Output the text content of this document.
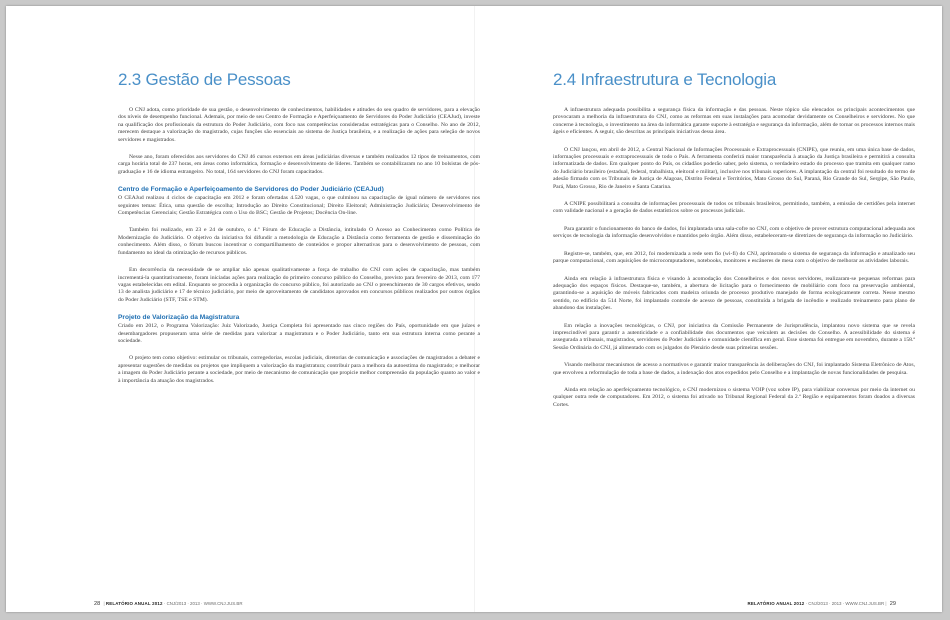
2.3 Gestão de Pessoas

O CNJ adota, como prioridade de sua gestão, o desenvolvimento de conhecimentos, habilidades e atitudes do seu quadro de servidores, para a elevação dos níveis de desempenho funcional. Ademais, por meio de seu Centro de Formação e Aperfeiçoamento de Servidores do Poder Judiciário (CEAJud), investe na qualificação dos profissionais da estrutura do Poder Judiciário, com foco nas competências consideradas estratégicas para o Conselho. No ano de 2012, merecem destaque a valorização do magistrado, cujas funções são essenciais ao sistema de Justiça brasileira, e a realização de ações para seleção de novos servidores e magistrados.

Nesse ano, foram oferecidos aos servidores do CNJ 46 cursos externos em áreas judiciárias diversas e também realizados 12 tipos de treinamentos, com carga horária total de 237 horas, em áreas como informática, formação e desenvolvimento de líderes. Também se contabilizaram no ano 10 bolsistas de pós-graduação e 16 de idioma estrangeiro. No total, 164 servidores do CNJ foram capacitados.

Centro de Formação e Aperfeiçoamento de Servidores do Poder Judiciário (CEAJud)

O CEAJud realizou 4 ciclos de capacitação em 2012 e foram ofertadas 4.520 vagas, o que culminou na capacitação de igual número de servidores nos seguintes temas: Ética, uma questão de escolha; Introdução ao Direito Constitucional; Direito Eleitoral; Administração Judiciária; Desenvolvimento de Competências Gerenciais; Gestão Estratégica com o Uso do BSC; Gestão de Projetos; Docência On-line.

Também foi realizado, em 23 e 24 de outubro, o 4.º Fórum de Educação a Distância, intitulado O Acesso ao Conhecimento como Política de Modernização do Judiciário. O objetivo da iniciativa foi difundir a metodologia de Educação a Distância como ferramenta de gestão e disseminação do conhecimento. Além disso, o fórum buscou incentivar o compartilhamento de conteúdos e propor alternativas para o desenvolvimento de pessoas, com fundamento no ideal da otimização de recursos públicos.

Em decorrência da necessidade de se ampliar não apenas qualitativamente a força de trabalho do CNJ com ações de capacitação, mas também incrementá-la quantitativamente, foram iniciadas ações para realização do primeiro concurso público do Conselho, previsto para fevereiro de 2013, com 177 vagas estabelecidas em edital. Enquanto se procedia à organização do concurso público, foi autorizado ao CNJ o preenchimento de 30 cargos efetivos, sendo 13 de analista judiciário e 17 de técnico judiciário, por meio de aproveitamento de candidatos aprovados em concursos públicos realizados por outros órgãos do Poder Judiciário (STF, TSE e STM).

Projeto de Valorização da Magistratura

Criado em 2012, o Programa Valorização: Juiz Valorizado, Justiça Completa foi apresentado nas cinco regiões do País, oportunidade em que juízes e desembargadores propuseram uma série de medidas para valorizar a magistratura e o Poder Judiciário, tanto em sua estrutura interna como perante a sociedade.

O projeto tem como objetivo: estimular os tribunais, corregedorias, escolas judiciais, diretorias de comunicação e associações de magistrados a debater e apresentar sugestões de medidas ou projetos que impliquem a valorização da magistratura; contribuir para a melhora da autoestima do magistrado; e melhorar a imagem do Poder Judiciário perante a sociedade, por meio de mecanismo de comunicação que propicie melhor compreensão da população quanto ao valor e à importância da atuação dos magistrados.

28 | RELATÓRIO ANUAL 2012 · CNJ/2013 · 2013 · WWW.CNJ.JUS.BR
2.4 Infraestrutura e Tecnologia

A infraestrutura adequada possibilita a segurança física da informação e das pessoas. Neste tópico são elencados os principais acontecimentos que provocaram a melhoria da infraestrutura do CNJ, como as reformas em suas instalações para acomodar devidamente os Conselheiros e servidores. No que concerne à tecnologia, o investimento na área da informática garante suporte à estratégia e segurança da informação, além de tornar os processos internos mais ágeis e eficientes. A seguir, são descritas as principais iniciativas dessa área.

O CNJ lançou, em abril de 2012, a Central Nacional de Informações Processuais e Extraprocessuais (CNIPE), que reuniu, em uma única base de dados, informações processuais e extraprocessuais de todo o País. A ferramenta conferirá maior transparência à atuação da Justiça brasileira e permitirá a consulta informatizada de dados. Em qualquer ponto do País, os cidadãos poderão saber, pelo sistema, o verdadeiro estado do processo que tramita em qualquer ramo do Judiciário brasileiro (estadual, federal, trabalhista, eleitoral e militar), inclusive nos tribunais superiores. A implantação da central foi resultado do termo de adesão firmado com os Tribunais de Justiça de Alagoas, Distrito Federal e Territórios, Mato Grosso do Sul, Paraná, Rio Grande do Sul, Sergipe, São Paulo, Pará, Mato Grosso, Rio de Janeiro e Santa Catarina.

A CNIPE possibilitará a consulta de informações processuais de todos os tribunais brasileiros, permitindo, também, a emissão de certidões pela internet com validade nacional e a geração de dados estatísticos sobre os processos judiciais.

Para garantir o funcionamento do banco de dados, foi implantada uma sala-cofre no CNJ, com o objetivo de prover estrutura computacional adequada aos serviços de tecnologia da informação desenvolvidos e mantidos pelo órgão. Além disso, estabeleceram-se diretrizes de segurança da informação no Judiciário.

Registre-se, também, que, em 2012, foi modernizada a rede sem fio (wi-fi) do CNJ, aprimorado o sistema de segurança da informação e atualizado seu parque computacional, com aquisições de microcomputadores, notebooks, monitores e escâneres de mesa com o objetivo de melhorar as atividades laborais.

Ainda em relação à infraestrutura física e visando à acomodação dos Conselheiros e dos novos servidores, realizaram-se pequenas reformas para adequação dos espaços físicos. Destaque-se, também, a abertura de licitação para o fornecimento de mobiliário com foco na preservação ambiental, garantindo-se a aquisição de móveis fabricados com madeira oriunda de processo produtivo manejado de forma ecologicamente correta. Nesse mesmo sentido, no edifício da 514 Norte, foi implantado controle de acesso de pessoas, constituída a brigada de incêndio e realizado treinamento para plano de abandono das instalações.

Em relação a inovações tecnológicas, o CNJ, por iniciativa da Comissão Permanente de Jurisprudência, implantou novo sistema que se revela imprescindível para garantir a autenticidade e a confiabilidade dos documentos que veiculem as decisões do Conselho. A acessibilidade do sistema é assegurada a tribunais, magistrados, servidores do Poder Judiciário e comunidade científica em geral. Esse sistema foi entregue em novembro, durante a 158.ª Sessão Ordinária do CNJ, já alimentado com os julgados do Plenário desde suas primeiras sessões.

Visando melhorar mecanismos de acesso a normativos e garantir maior transparência às deliberações do CNJ, foi implantado Sistema Eletrônico de Atos, que envolveu a reformulação de toda a base de dados, a indexação dos atos expedidos pelo Conselho e a implantação de novas funcionalidades de pesquisa.

Ainda em relação ao aperfeiçoamento tecnológico, o CNJ modernizou o sistema VOIP (voz sobre IP), para viabilizar conversas por meio da internet ou qualquer outra rede de computadores. Em 2012, o sistema foi ativado no Tribunal Regional Federal da 2.ª Região e equipamentos foram doados a diversas Cortes.

RELATÓRIO ANUAL 2012 · CNJ/2013 · 2013 · WWW.CNJ.JUS.BR | 29
